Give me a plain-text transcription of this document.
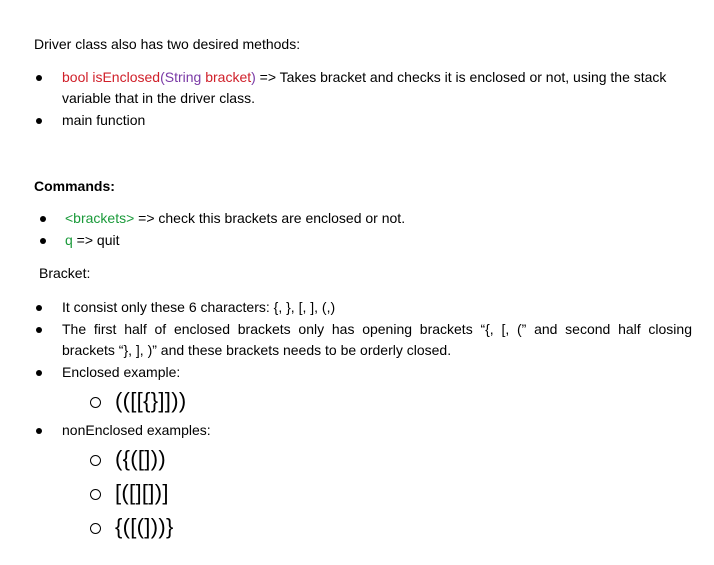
Driver class also has two desired methods:
bool isEnclosed(String bracket) => Takes bracket and checks it is enclosed or not, using the stack
variable that in the driver class.
main function
Commands:
<brackets> => check this brackets are enclosed or not.
q => quit
Bracket:
It consist only these 6 characters: {, }, [, ], (,)
The first half of enclosed brackets only has opening brackets “{, [, (” and second half closing
brackets “}, ], )” and these brackets needs to be orderly closed.
Enclosed example:
(([[{}]]))
nonEnclosed examples:
({([]))
[([][])]
{([(]))}
